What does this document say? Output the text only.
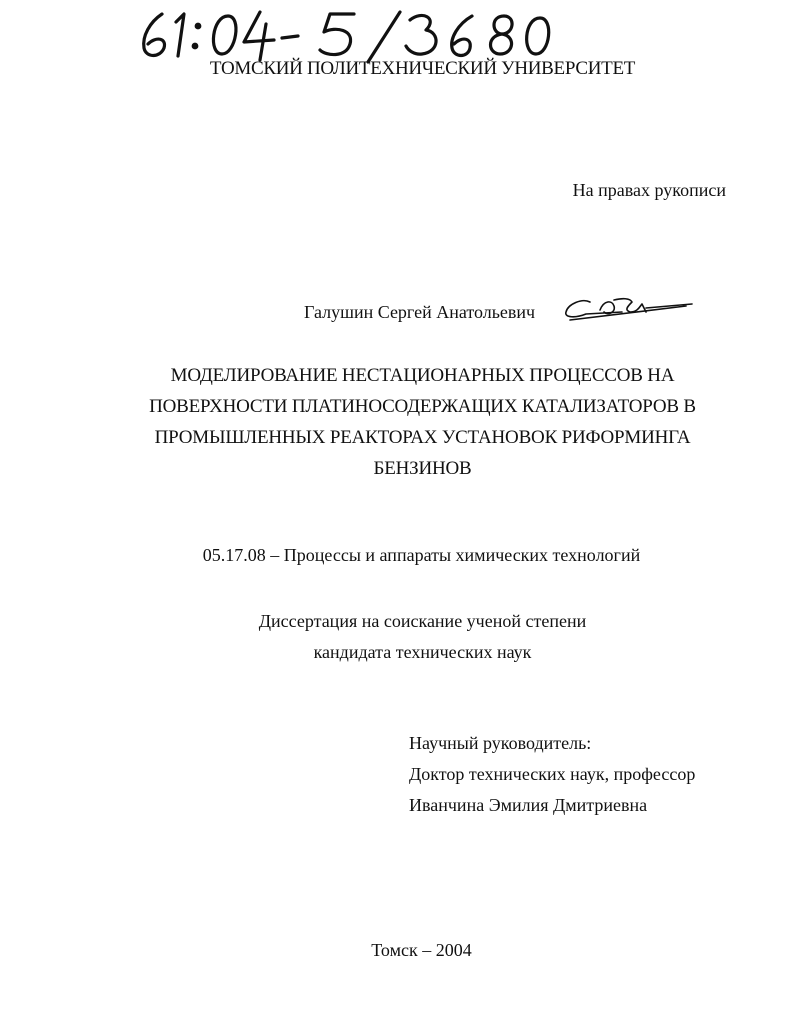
ТОМСКИЙ ПОЛИТЕХНИЧЕСКИЙ УНИВЕРСИТЕТ

На правах рукописи

Галушин Сергей Анатольевич

МОДЕЛИРОВАНИЕ НЕСТАЦИОНАРНЫХ ПРОЦЕССОВ НА
ПОВЕРХНОСТИ ПЛАТИНОСОДЕРЖАЩИХ КАТАЛИЗАТОРОВ В
ПРОМЫШЛЕННЫХ РЕАКТОРАХ УСТАНОВОК РИФОРМИНГА
БЕНЗИНОВ

05.17.08 – Процессы и аппараты химических технологий

Диссертация на соискание ученой степени
кандидата технических наук
Научный руководитель:
Доктор технических наук, профессор
Иванчина Эмилия Дмитриевна

Томск – 2004
